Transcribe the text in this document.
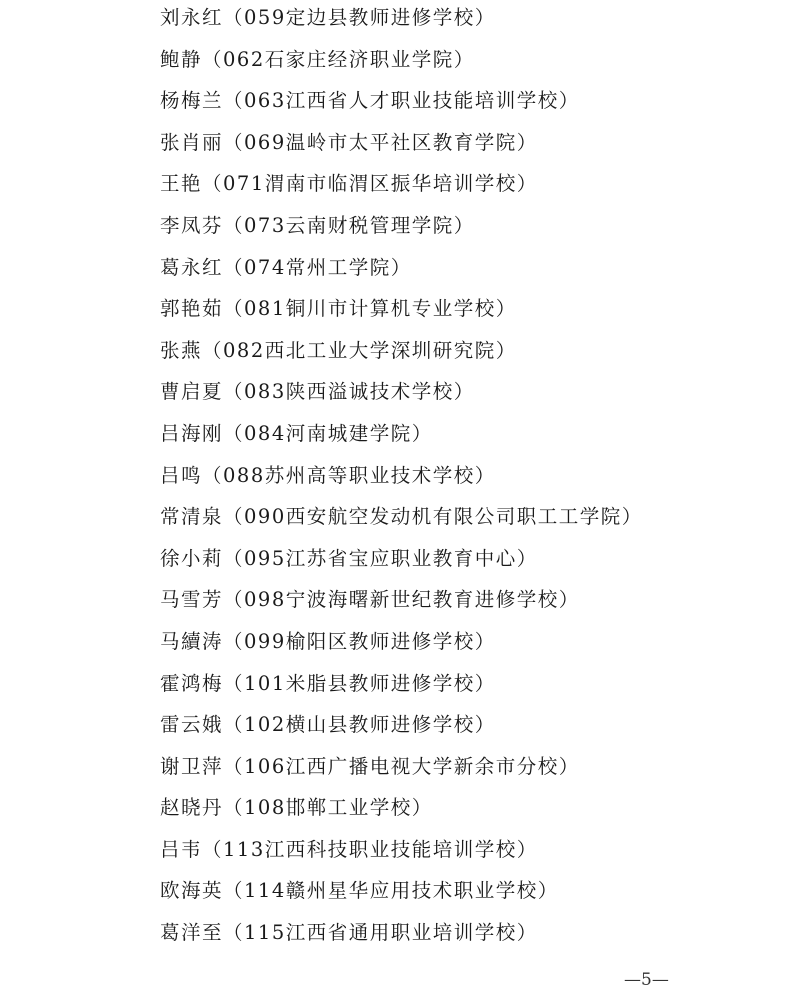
刘永红（059定边县教师进修学校）
鲍静（062石家庄经济职业学院）
杨梅兰（063江西省人才职业技能培训学校）
张肖丽（069温岭市太平社区教育学院）
王艳（071渭南市临渭区振华培训学校）
李凤芬（073云南财税管理学院）
葛永红（074常州工学院）
郭艳茹（081铜川市计算机专业学校）
张燕（082西北工业大学深圳研究院）
曹启夏（083陕西溢诚技术学校）
吕海刚（084河南城建学院）
吕鸣（088苏州高等职业技术学校）
常清泉（090西安航空发动机有限公司职工工学院）
徐小莉（095江苏省宝应职业教育中心）
马雪芳（098宁波海曙新世纪教育进修学校）
马續涛（099榆阳区教师进修学校）
霍鸿梅（101米脂县教师进修学校）
雷云娥（102横山县教师进修学校）
谢卫萍（106江西广播电视大学新余市分校）
赵晓丹（108邯郸工业学校）
吕韦（113江西科技职业技能培训学校）
欧海英（114赣州星华应用技术职业学校）
葛洋至（115江西省通用职业培训学校）
—5—
